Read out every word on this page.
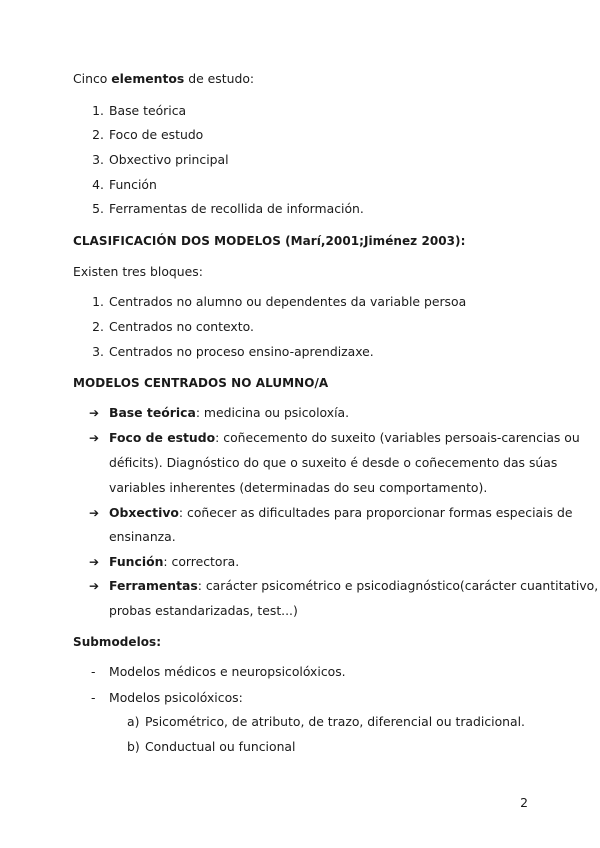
Cinco elementos de estudo:
1. Base teórica
2. Foco de estudo
3. Obxectivo principal
4. Función
5. Ferramentas de recollida de información.
CLASIFICACIÓN DOS MODELOS (Marí,2001;Jiménez 2003):
Existen tres bloques:
1. Centrados no alumno ou dependentes da variable persoa
2. Centrados no contexto.
3. Centrados no proceso ensino-aprendizaxe.
MODELOS CENTRADOS NO ALUMNO/A
➔ Base teórica: medicina ou psicoloxía.
➔ Foco de estudo: coñecemento do suxeito (variables persoais-carencias ou
déficits). Diagnóstico do que o suxeito é desde o coñecemento das súas
variables inherentes (determinadas do seu comportamento).
➔ Obxectivo: coñecer as dificultades para proporcionar formas especiais de
ensinanza.
➔ Función: correctora.
➔ Ferramentas: carácter psicométrico e psicodiagnóstico(carácter cuantitativo,
probas estandarizadas, test...)
Submodelos:
- Modelos médicos e neuropsicolóxicos.
- Modelos psicolóxicos:
a) Psicométrico, de atributo, de trazo, diferencial ou tradicional.
b) Conductual ou funcional
2
